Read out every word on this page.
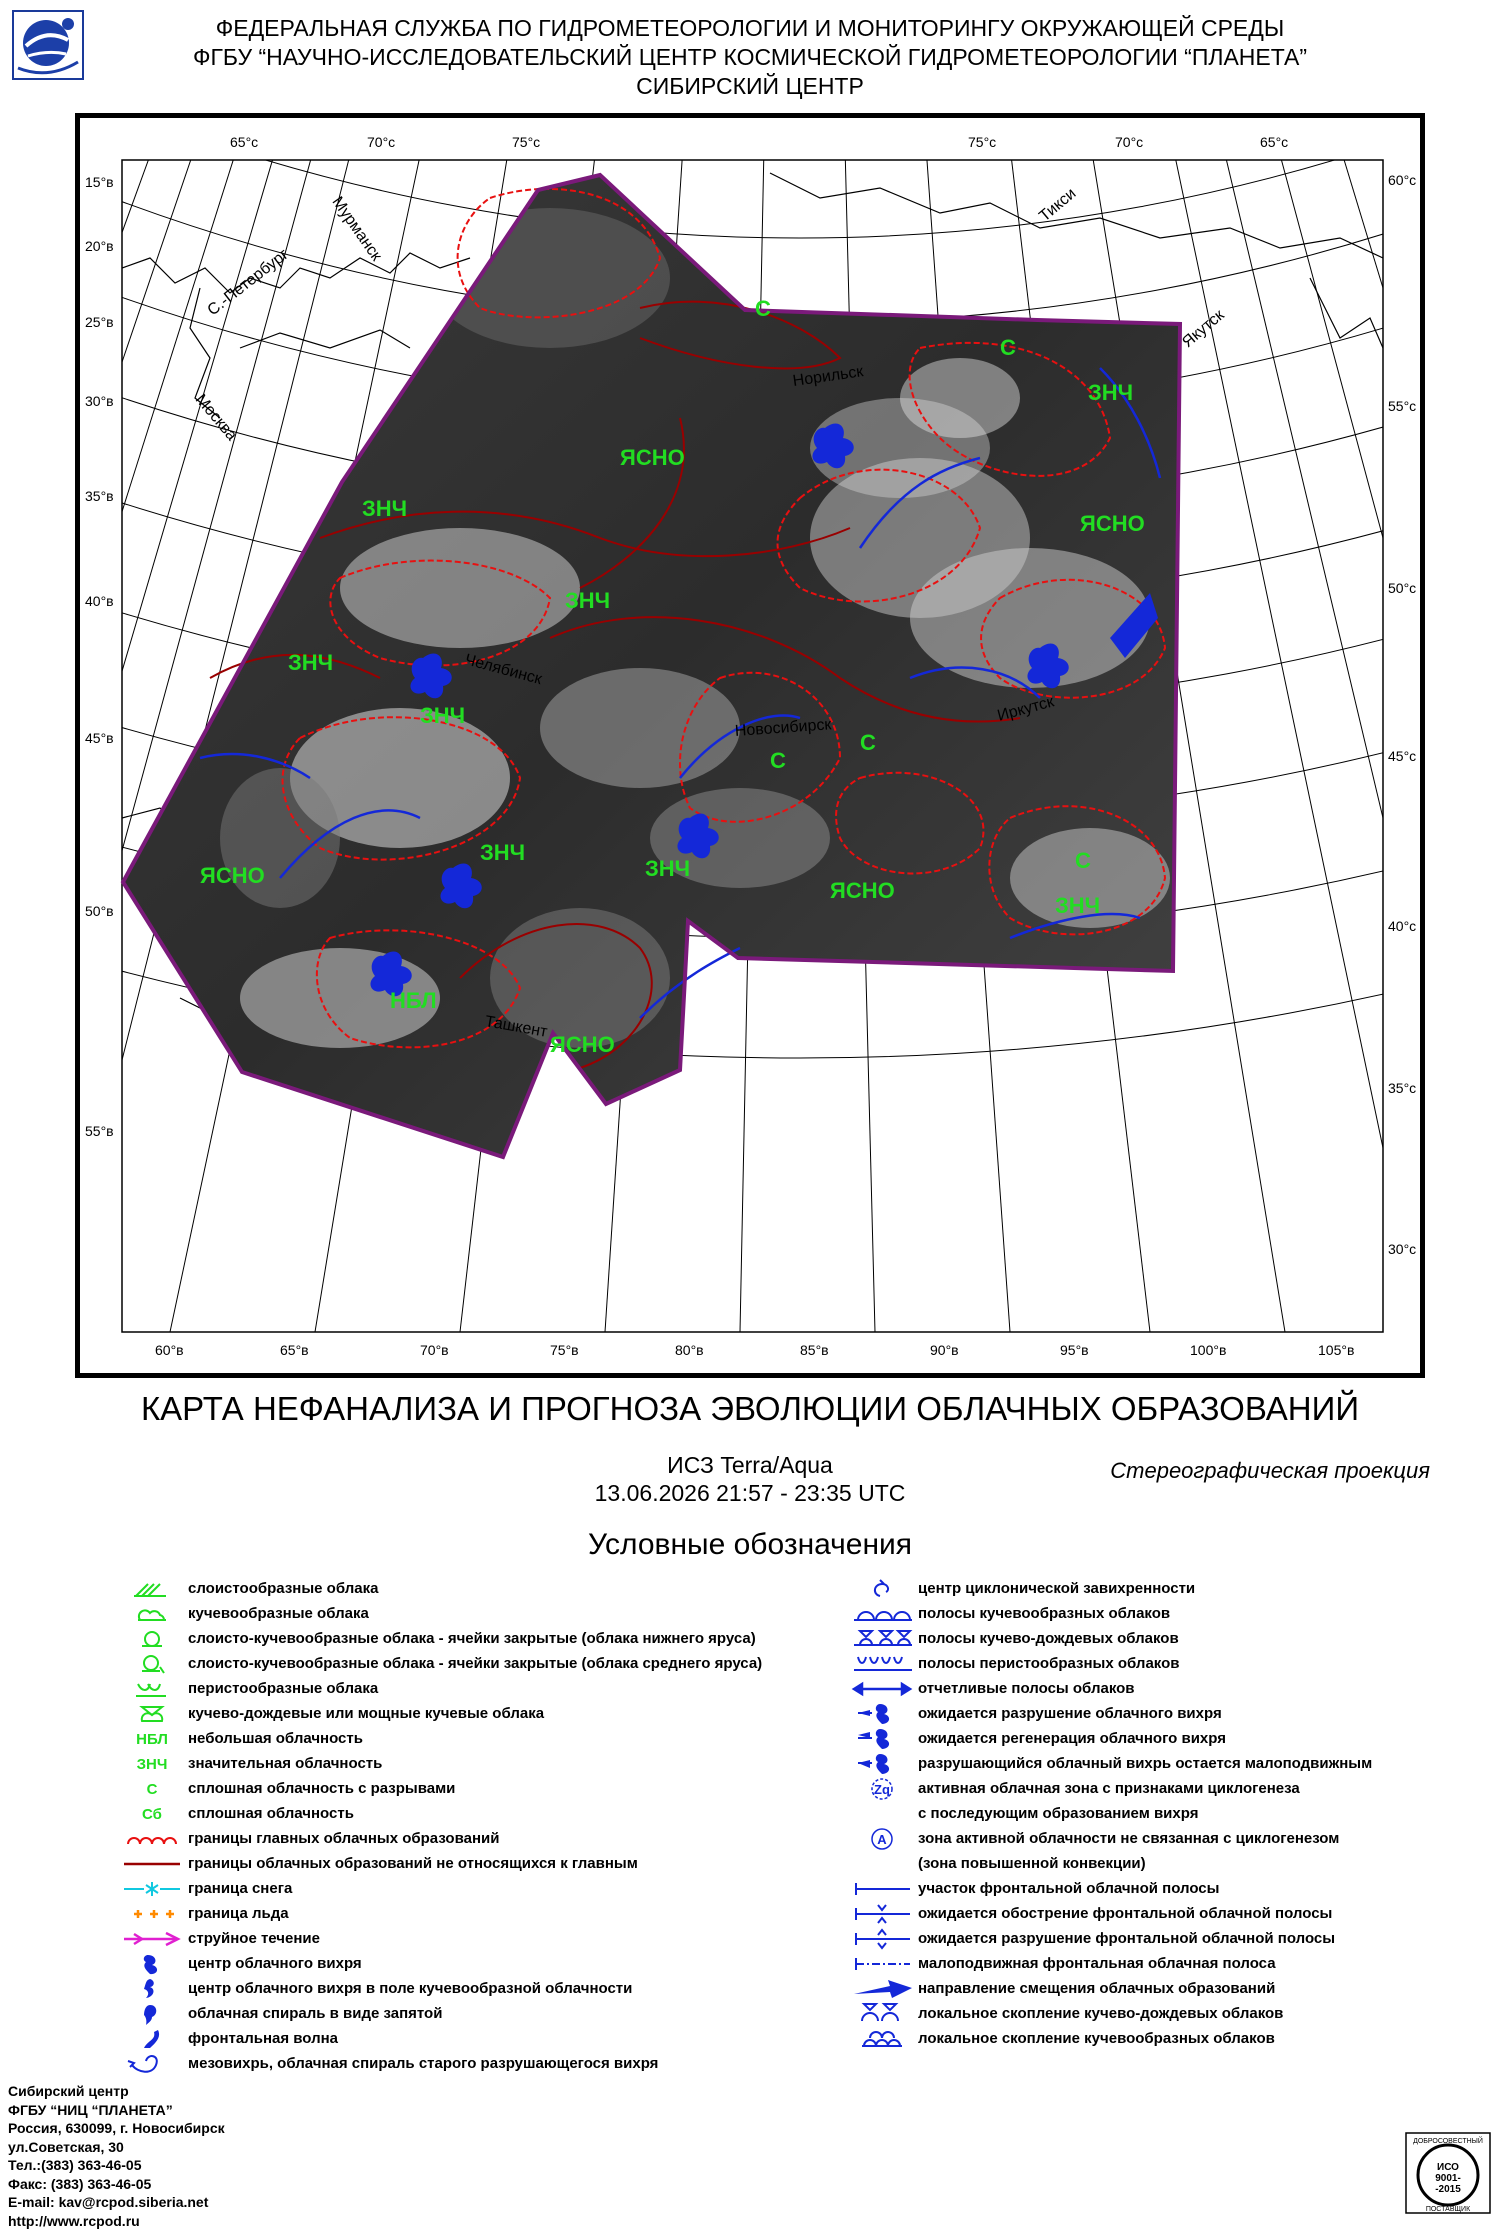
ФЕДЕРАЛЬНАЯ СЛУЖБА ПО ГИДРОМЕТЕОРОЛОГИИ И МОНИТОРИНГУ ОКРУЖАЮЩЕЙ СРЕДЫ
ФГБУ “НАУЧНО-ИССЛЕДОВАТЕЛЬСКИЙ ЦЕНТР КОСМИЧЕСКОЙ ГИДРОМЕТЕОРОЛОГИИ “ПЛАНЕТА”
СИБИРСКИЙ ЦЕНТР
65°с	70°с	75°с	75°с	70°с	65°с
15°в
20°в
25°в
30°в
35°в
40°в
45°в
50°в
55°в
60°с
55°с
50°с
45°с
40°с
35°с
30°с
60°в	65°в	70°в	75°в	80°в	85°в	90°в	95°в	100°в	105°в
Мурманск
С.-Петербург
Москва
Норильск
Тикси
Якутск
Челябинск
Новосибирск
Иркутск
Ташкент
ЯСНО
ЯСНО
ЯСНО
ЯСНО
ЯСНО
ЗНЧ
ЗНЧ
ЗНЧ
ЗНЧ
ЗНЧ
ЗНЧ
ЗНЧ
ЗНЧ
С
С
С
С
С
НБЛ
КАРТА НЕФАНАЛИЗА И ПРОГНОЗА ЭВОЛЮЦИИ ОБЛАЧНЫХ ОБРАЗОВАНИЙ
ИСЗ Terra/Aqua
13.06.2026 21:57 - 23:35 UTC
Стереографическая проекция
Условные обозначения
слоистообразные облака
кучевообразные облака
слоисто-кучевообразные облака - ячейки закрытые (облака нижнего яруса)
слоисто-кучевообразные облака - ячейки закрытые (облака среднего яруса)
перистообразные облака
кучево-дождевые или мощные кучевые облака
НБЛ небольшая облачность
ЗНЧ значительная облачность
С сплошная облачность с разрывами
Сб сплошная облачность
границы главных облачных образований
границы облачных образований не относящихся к главным
граница снега
граница льда
струйное течение
центр облачного вихря
центр облачного вихря в поле кучевообразной облачности
облачная спираль в виде запятой
фронтальная волна
мезовихрь, облачная спираль старого разрушающегося вихря
центр циклонической завихренности
полосы кучевообразных облаков
полосы кучево-дождевых облаков
полосы перистообразных облаков
отчетливые полосы облаков
ожидается разрушение облачного вихря
ожидается регенерация облачного вихря
разрушающийся облачный вихрь остается малоподвижным
Zq активная облачная зона с признаками циклогенеза
с последующим образованием вихря
A зона активной облачности не связанная с циклогенезом
(зона повышенной конвекции)
участок фронтальной облачной полосы
ожидается обострение фронтальной облачной полосы
ожидается разрушение фронтальной облачной полосы
малоподвижная фронтальная облачная полоса
направление смещения облачных образований
локальное скопление кучево-дождевых облаков
локальное скопление кучевообразных облаков
Сибирский центр
ФГБУ “НИЦ “ПЛАНЕТА”
Россия, 630099, г. Новосибирск
ул.Советская, 30
Тел.:(383) 363-46-05
Факс: (383) 363-46-05
E-mail: kav@rcpod.siberia.net
http://www.rcpod.ru
ДОБРОСОВЕСТНЫЙ
ИСО
9001-
-2015
ПОСТАВЩИК
